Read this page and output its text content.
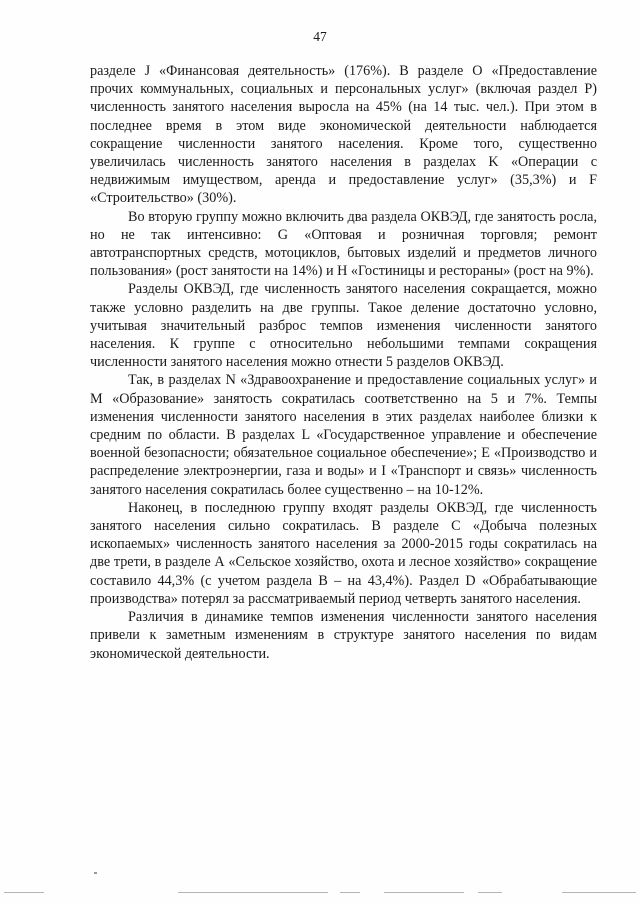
47

разделе J «Финансовая деятельность» (176%). В разделе О «Предоставление прочих коммунальных, социальных и персональных услуг» (включая раздел P) численность занятого населения выросла на 45% (на 14 тыс. чел.). При этом в последнее время в этом виде экономической деятельности наблюдается сокращение численности занятого населения. Кроме того, существенно увеличилась численность занятого населения в разделах K «Операции с недвижимым имуществом, аренда и предоставление услуг» (35,3%) и F «Строительство» (30%).

Во вторую группу можно включить два раздела ОКВЭД, где занятость росла, но не так интенсивно: G «Оптовая и розничная торговля; ремонт автотранспортных средств, мотоциклов, бытовых изделий и предметов личного пользования» (рост занятости на 14%) и H «Гостиницы и рестораны» (рост на 9%).

Разделы ОКВЭД, где численность занятого населения сокращается, можно также условно разделить на две группы. Такое деление достаточно условно, учитывая значительный разброс темпов изменения численности занятого населения. К группе с относительно небольшими темпами сокращения численности занятого населения можно отнести 5 разделов ОКВЭД.

Так, в разделах N «Здравоохранение и предоставление социальных услуг» и M «Образование» занятость сократилась соответственно на 5 и 7%. Темпы изменения численности занятого населения в этих разделах наиболее близки к средним по области. В разделах L «Государственное управление и обеспечение военной безопасности; обязательное социальное обеспечение»; E «Производство и распределение электроэнергии, газа и воды» и I «Транспорт и связь» численность занятого населения сократилась более существенно – на 10-12%.

Наконец, в последнюю группу входят разделы ОКВЭД, где численность занятого населения сильно сократилась. В разделе С «Добыча полезных ископаемых» численность занятого населения за 2000-2015 годы сократилась на две трети, в разделе А «Сельское хозяйство, охота и лесное хозяйство» сокращение составило 44,3% (с учетом раздела В – на 43,4%). Раздел D «Обрабатывающие производства» потерял за рассматриваемый период четверть занятого населения.

Различия в динамике темпов изменения численности занятого населения привели к заметным изменениям в структуре занятого населения по видам экономической деятельности.
